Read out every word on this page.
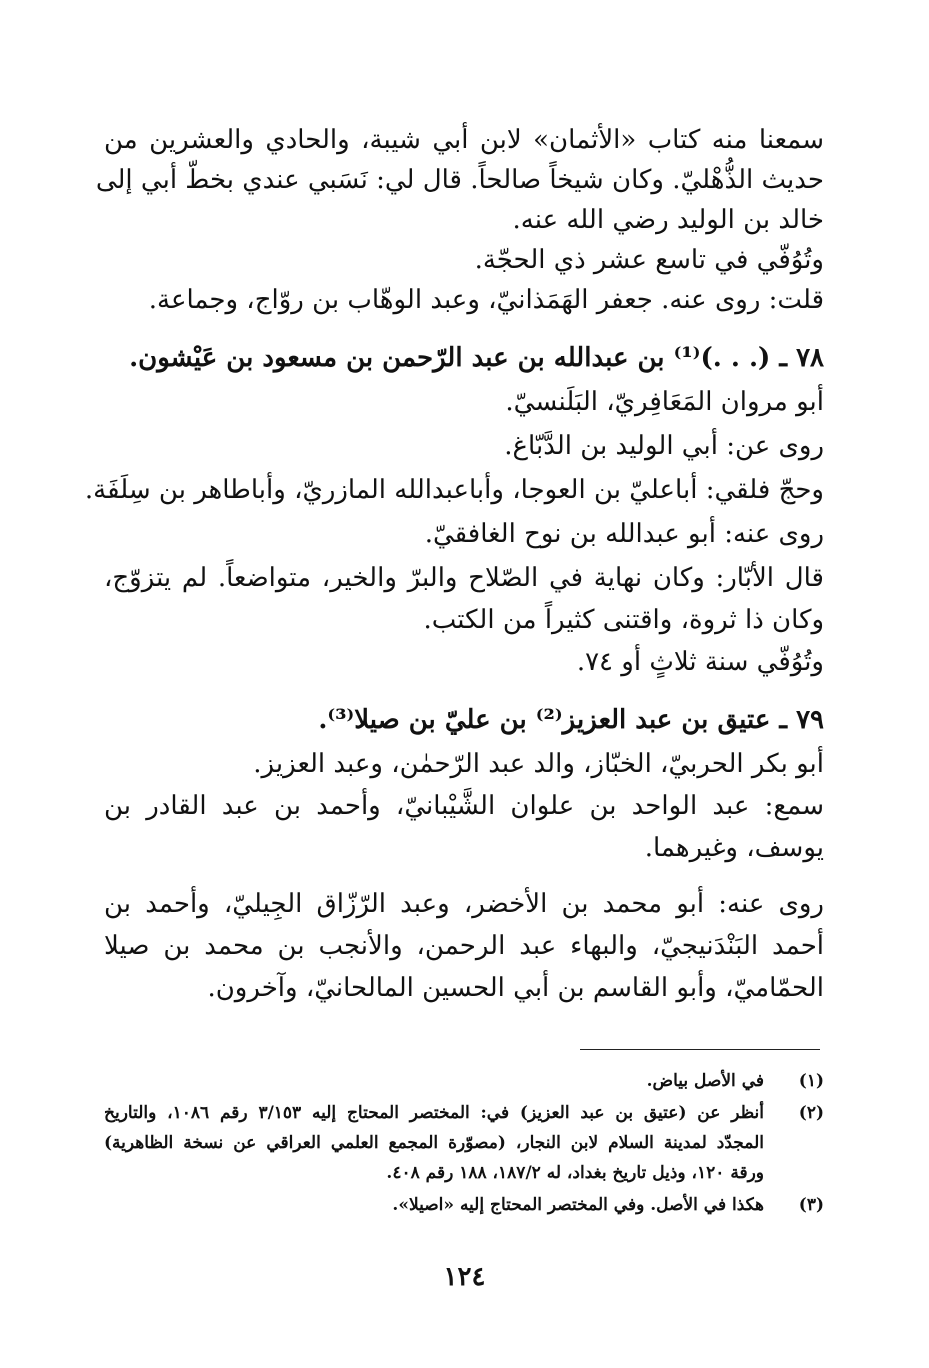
سمعنا منه كتاب «الأثمان» لابن أبي شيبة، والحادي والعشرين من
حديث الذُّهْليّ. وكان شيخاً صالحاً. قال لي: نَسَبي عندي بخطّ أبي إلى
خالد بن الوليد رضي الله عنه.
وتُوُفّي في تاسع عشر ذي الحجّة.
قلت: روى عنه. جعفر الهَمَذانيّ، وعبد الوهّاب بن روّاج، وجماعة.
٧٨ ـ (. . .)⁽¹⁾ بن عبدالله بن عبد الرّحمن بن مسعود بن عَيْشون.
أبو مروان المَعَافِريّ، البَلَنسيّ.
روى عن: أبي الوليد بن الدَّبّاغ.
وحجّ فلقي: أباعليّ بن العوجا، وأباعبدالله المازريّ، وأباطاهر بن سِلَفَة.
روى عنه: أبو عبدالله بن نوح الغافقيّ.
قال الأبّار: وكان نهاية في الصّلاح والبرّ والخير، متواضعاً. لم يتزوّج،
وكان ذا ثروة، واقتنى كثيراً من الكتب.
وتُوُفّي سنة ثلاثٍ أو ٧٤.
٧٩ ـ عتيق بن عبد العزيز⁽²⁾ بن عليّ بن صيلا⁽³⁾.
أبو بكر الحربيّ، الخبّاز، والد عبد الرّحمٰن، وعبد العزيز.
سمع: عبد الواحد بن علوان الشَّيْبانيّ، وأحمد بن عبد القادر بن
يوسف، وغيرهما.
روى عنه: أبو محمد بن الأخضر، وعبد الرّزّاق الجِيليّ، وأحمد بن
أحمد البَنْدَنيجيّ، والبهاء عبد الرحمن، والأنجب بن محمد بن صيلا
الحمّاميّ، وأبو القاسم بن أبي الحسين المالحانيّ، وآخرون.
(١)
في الأصل بياض.
(٢)
أنظر عن (عتيق بن عبد العزيز) في: المختصر المحتاج إليه ٣/١٥٣ رقم ١٠٨٦، والتاريخ
المجدّد لمدينة السلام لابن النجار، (مصوّرة المجمع العلمي العراقي عن نسخة الظاهرية)
ورقة ١٢٠، وذيل تاريخ بغداد، له ١٨٧/٢، ١٨٨ رقم ٤٠٨.
(٣)
هكذا في الأصل. وفي المختصر المحتاج إليه «اصيلا».
١٢٤
